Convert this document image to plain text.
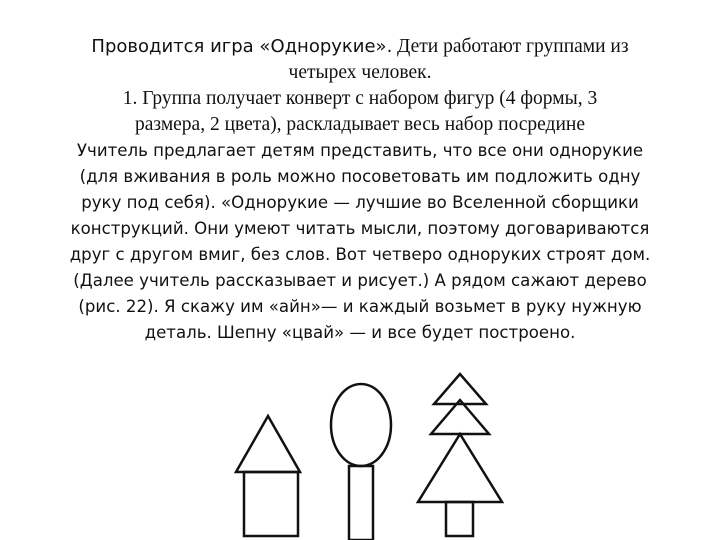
Проводится игра «Однорукие». Дети работают группами из
четырех человек.
1. Группа получает конверт с набором фигур (4 формы, 3
размера, 2 цвета), раскладывает весь набор посредине
Учитель предлагает детям представить, что все они однорукие
(для вживания в роль можно посоветовать им подложить одну
руку под себя). «Однорукие — лучшие во Вселенной сборщики
конструкций. Они умеют читать мысли, поэтому договариваются
друг с другом вмиг, без слов. Вот четверо одноруких строят дом.
(Далее учитель рассказывает и рисует.) А рядом сажают дерево
(рис. 22). Я скажу им «айн»— и каждый возьмет в руку нужную
деталь. Шепну «цвай» — и все будет построено.
